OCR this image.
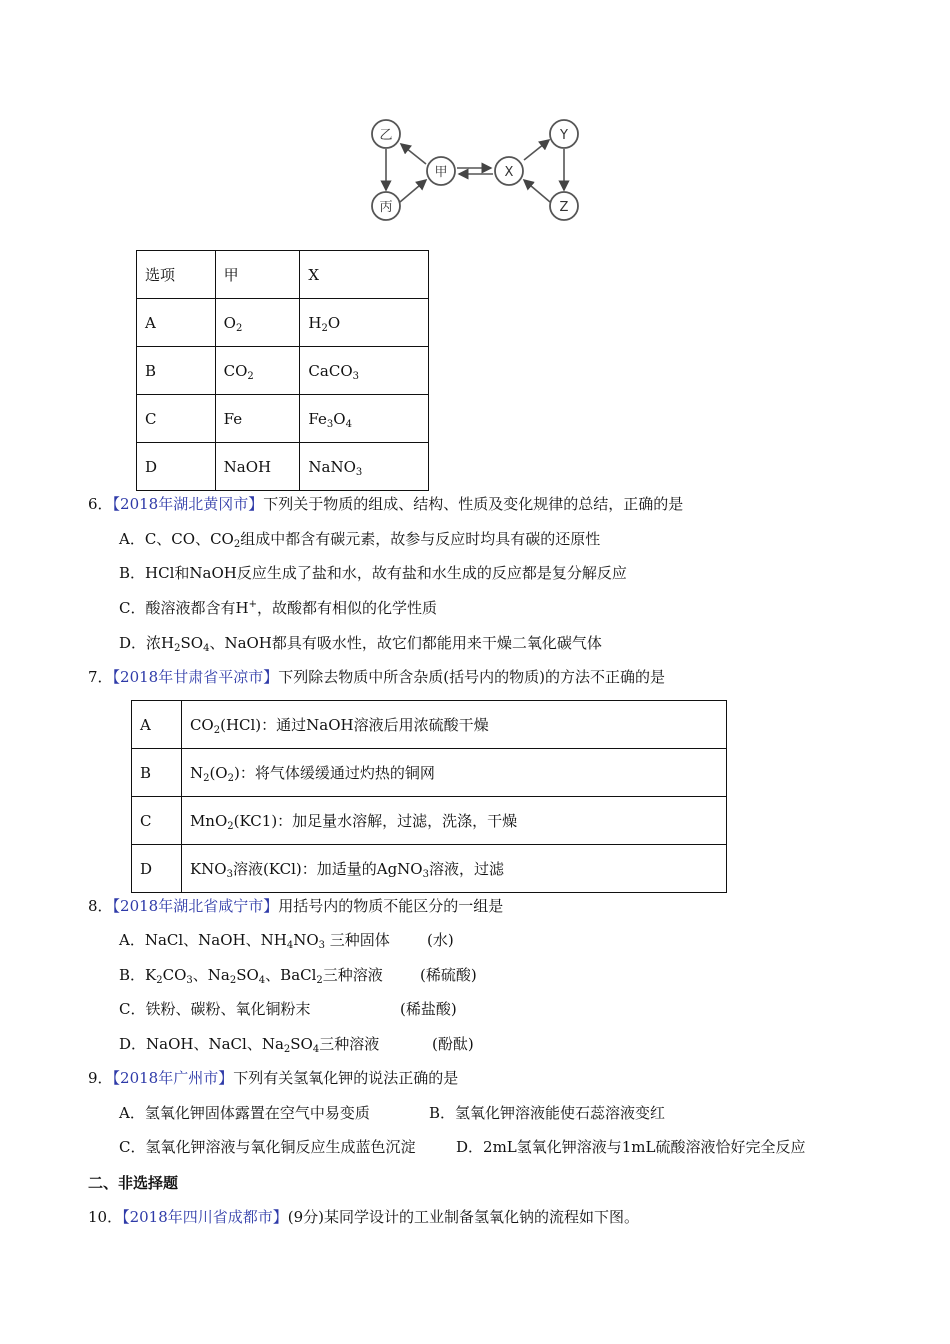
乙
丙
甲	X
Y
Z
选项	甲	X
A	$O_2$	$H_2O$
B	$CO_2$	CaCO$_3$
C	Fe	$Fe_3O_4$
D	NaOH	NaNO$_3$
6．【2018年湖北黄冈市】下列关于物质的组成、结构、性质及变化规律的总结，正确的是
A．C、CO、$CO_2$组成中都含有碳元素，故参与反应时均具有碳的还原性
B．HCl和NaOH反应生成了盐和水，故有盐和水生成的反应都是复分解反应
C．酸溶液都含有H+，故酸都有相似的化学性质
D．浓$H_2SO_4$、NaOH都具有吸水性，故它们都能用来干燥二氧化碳气体
7．【2018年甘肃省平凉市】下列除去物质中所含杂质(括号内的物质)的方法不正确的是
A	$CO_2(HCl)$：通过NaOH溶液后用浓硫酸干燥
B	$N_2(O_2)$：将气体缓缓通过灼热的铜网
C	MnO$_2$(KC1)：加足量水溶解，过滤，洗涤，干燥
D	$KNO_3$溶液(KCl)：加适量的AgNO$_3$溶液，过滤
8．【2018年湖北省咸宁市】用括号内的物质不能区分的一组是
A．NaCl、NaOH、$NH_4NO_3$ 三种固体 (水)
B．$K_2CO_3$、$Na_2SO_4$、BaCl$_2$三种溶液 (稀硫酸)
C．铁粉、碳粉、氧化铜粉末	(稀盐酸)
D．NaOH、NaCl、$Na_2SO_4$三种溶液	(酚酞)
9．【2018年广州市】下列有关氢氧化钾的说法正确的是
A．氢氧化钾固体露置在空气中易变质	B．氢氧化钾溶液能使石蕊溶液变红
C．氢氧化钾溶液与氧化铜反应生成蓝色沉淀	D．2mL氢氧化钾溶液与1mL硫酸溶液恰好完全反应
二、非选择题
10．【2018年四川省成都市】(9分)某同学设计的工业制备氢氧化钠的流程如下图。
